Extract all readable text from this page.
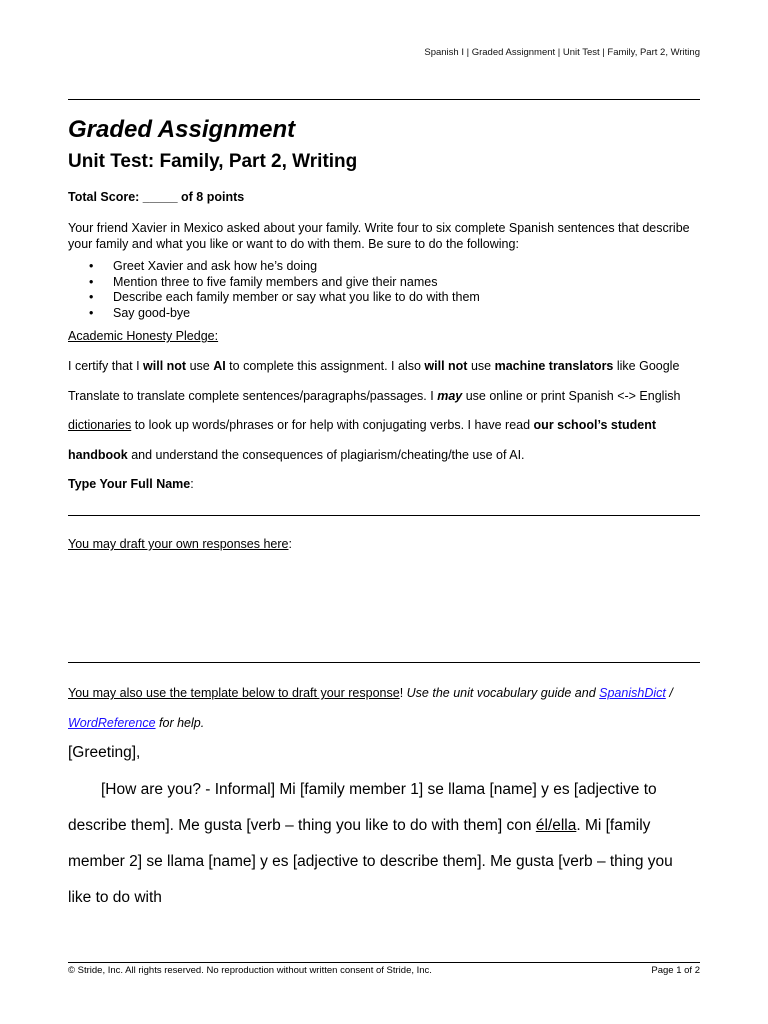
Spanish I | Graded Assignment | Unit Test | Family, Part 2, Writing
Graded Assignment
Unit Test: Family, Part 2, Writing
Total Score: _____ of 8 points
Your friend Xavier in Mexico asked about your family. Write four to six complete Spanish sentences that describe your family and what you like or want to do with them. Be sure to do the following:
• Greet Xavier and ask how he’s doing
• Mention three to five family members and give their names
• Describe each family member or say what you like to do with them
• Say good-bye
Academic Honesty Pledge:
I certify that I will not use AI to complete this assignment. I also will not use machine translators like Google Translate to translate complete sentences/paragraphs/passages. I may use online or print Spanish <-> English dictionaries to look up words/phrases or for help with conjugating verbs. I have read our school’s student handbook and understand the consequences of plagiarism/cheating/the use of AI.
Type Your Full Name:
You may draft your own responses here:
You may also use the template below to draft your response! Use the unit vocabulary guide and SpanishDict / WordReference for help.
[Greeting],
[How are you? - Informal] Mi [family member 1] se llama [name] y es [adjective to describe them]. Me gusta [verb – thing you like to do with them] con él/ella. Mi [family member 2] se llama [name] y es [adjective to describe them]. Me gusta [verb – thing you like to do with
© Stride, Inc. All rights reserved. No reproduction without written consent of Stride, Inc.	Page 1 of 2
